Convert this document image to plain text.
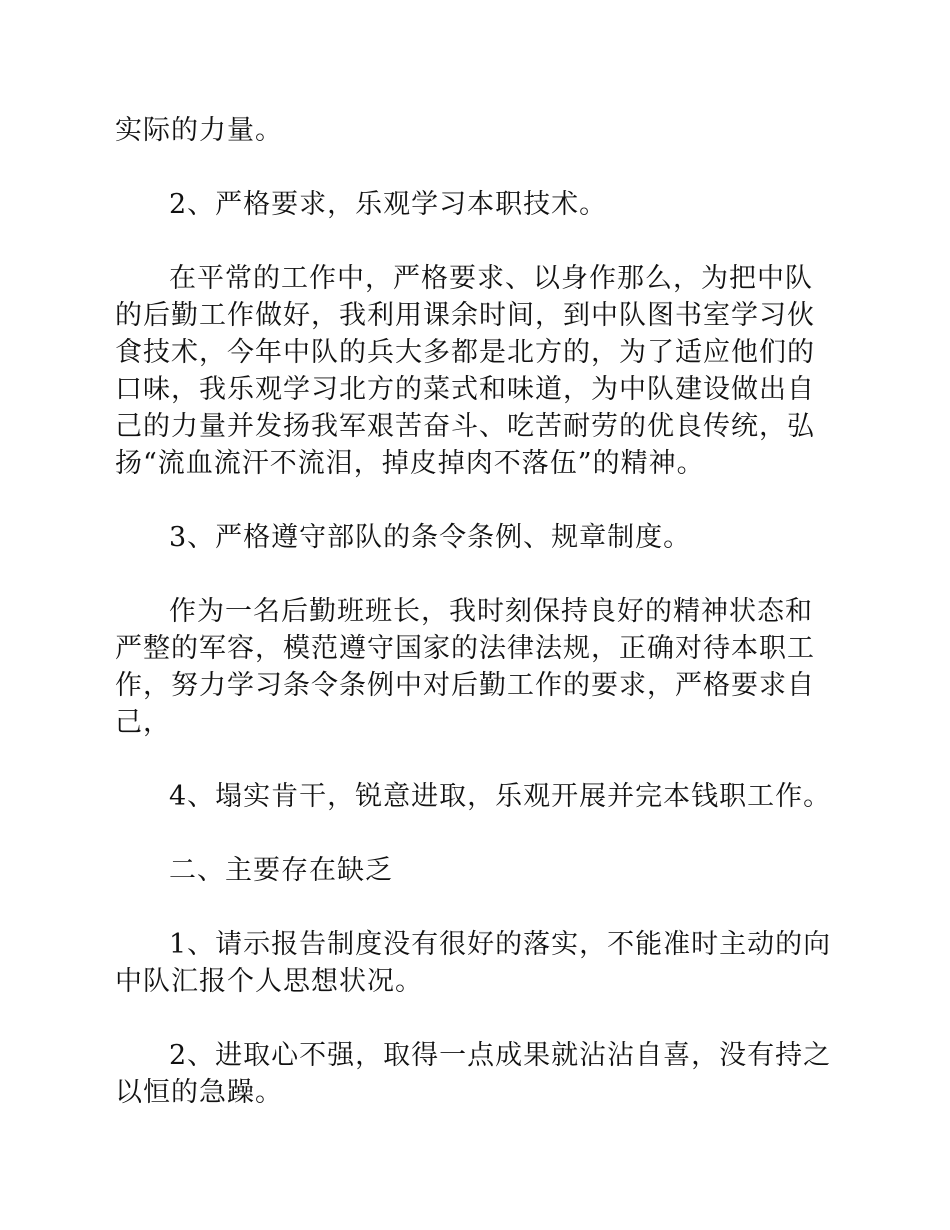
实际的力量。

2、严格要求，乐观学习本职技术。

在平常的工作中，严格要求、以身作那么，为把中队的后勤工作做好，我利用课余时间，到中队图书室学习伙食技术，今年中队的兵大多都是北方的，为了适应他们的口味，我乐观学习北方的菜式和味道，为中队建设做出自己的力量并发扬我军艰苦奋斗、吃苦耐劳的优良传统，弘扬“流血流汗不流泪，掉皮掉肉不落伍”的精神。

3、严格遵守部队的条令条例、规章制度。

作为一名后勤班班长，我时刻保持良好的精神状态和严整的军容，模范遵守国家的法律法规，正确对待本职工作，努力学习条令条例中对后勤工作的要求，严格要求自己，

4、塌实肯干，锐意进取，乐观开展并完本钱职工作。

二、主要存在缺乏

1、请示报告制度没有很好的落实，不能准时主动的向中队汇报个人思想状况。

2、进取心不强，取得一点成果就沾沾自喜，没有持之以恒的急躁。
